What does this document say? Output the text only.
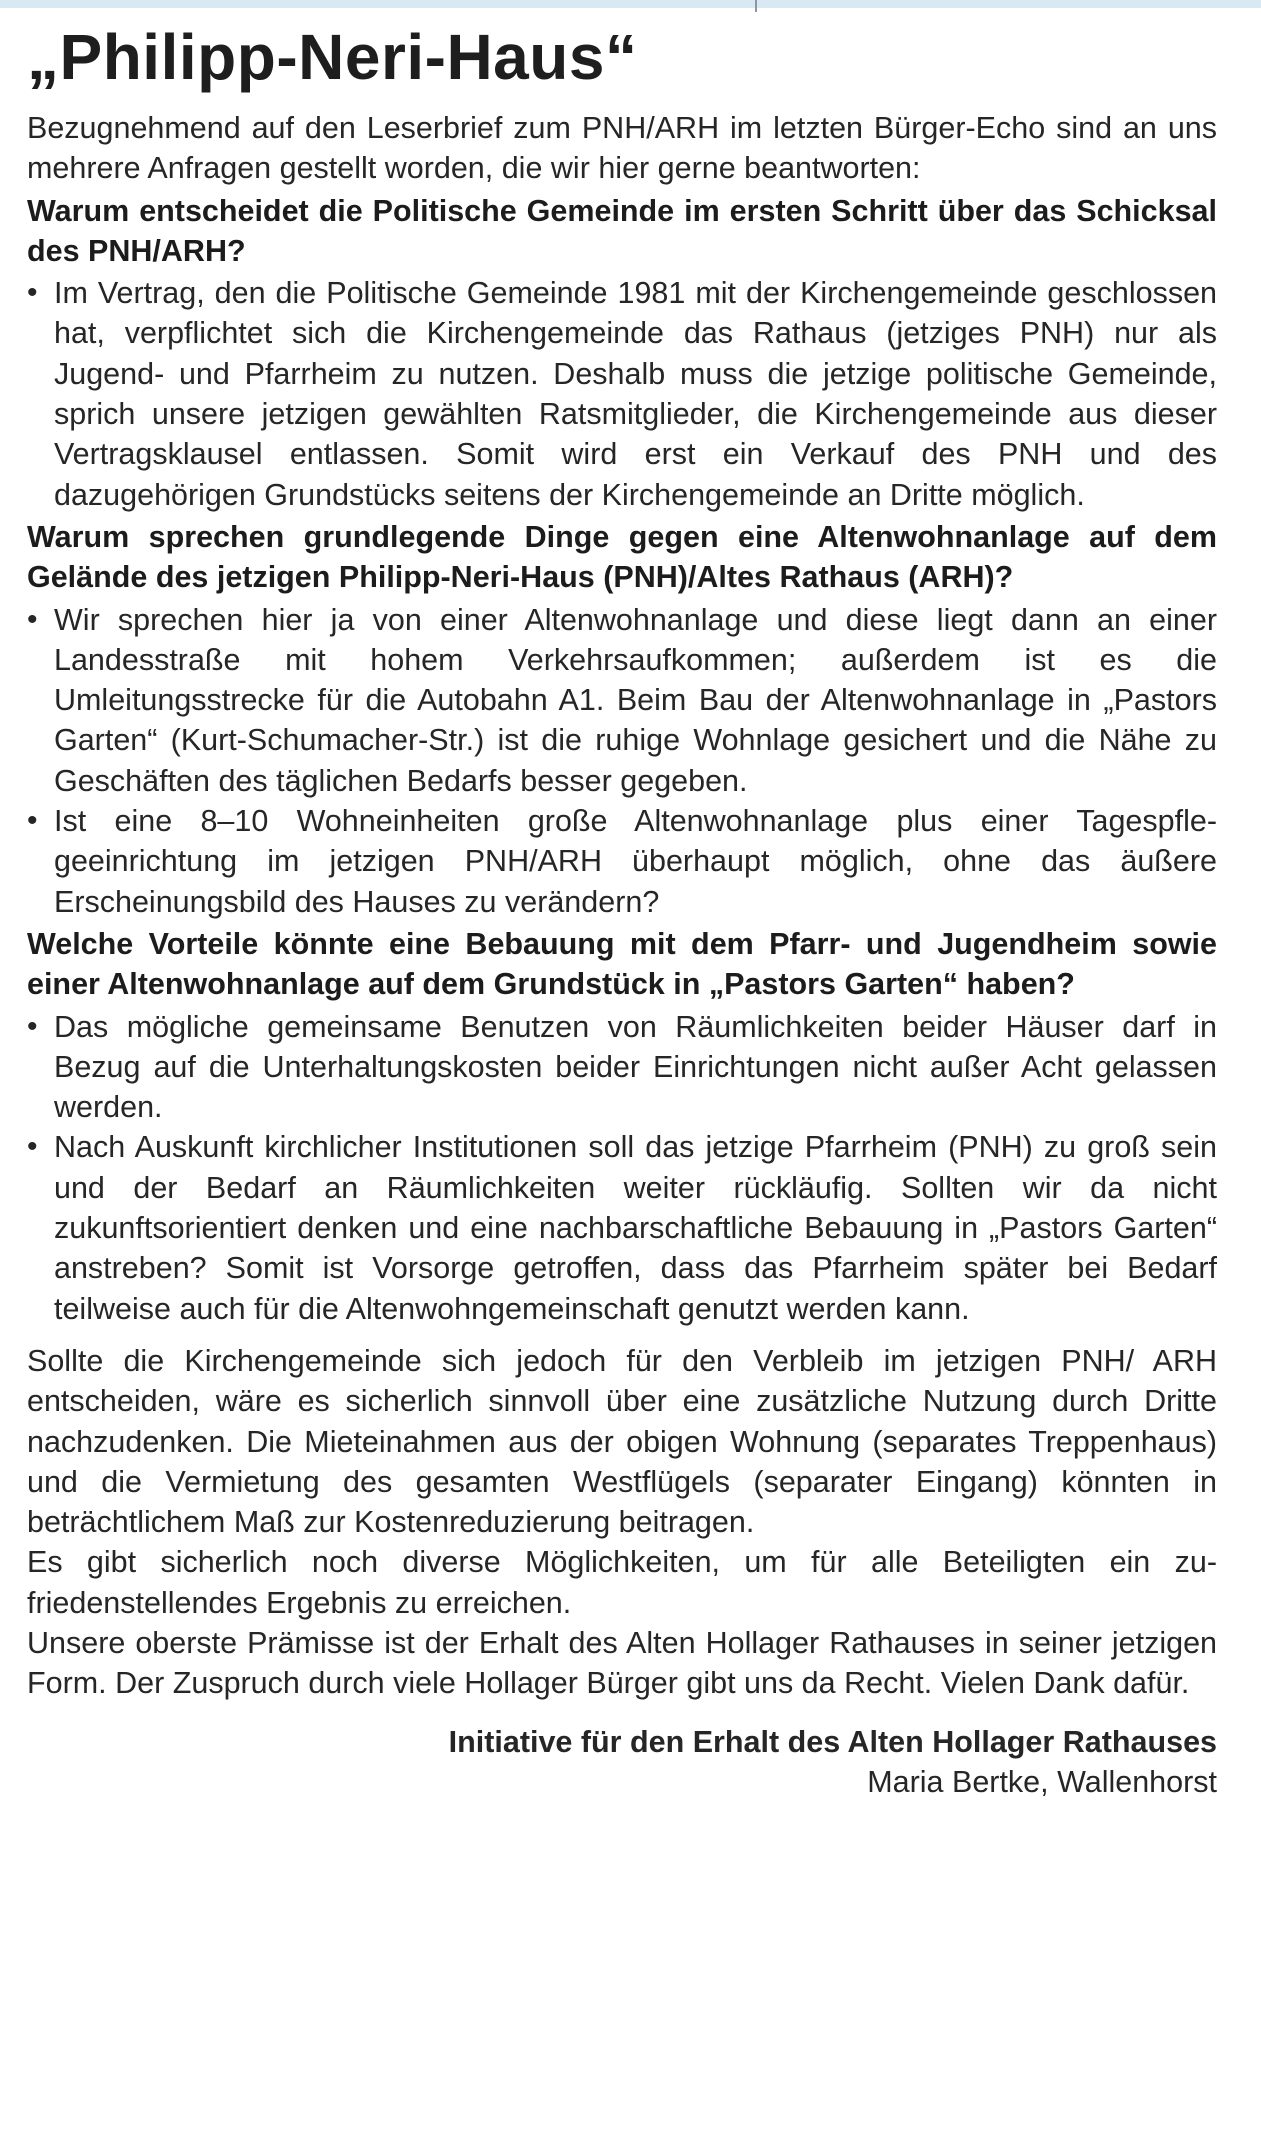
„Philipp-Neri-Haus“

Bezugnehmend auf den Leserbrief zum PNH/ARH im letzten Bürger-Echo sind an uns mehrere Anfragen gestellt worden, die wir hier gerne beantworten:

Warum entscheidet die Politische Gemeinde im ersten Schritt über das Schicksal des PNH/ARH?
• Im Vertrag, den die Politische Gemeinde 1981 mit der Kirchengemeinde geschlossen hat, verpflichtet sich die Kirchengemeinde das Rathaus (jetziges PNH) nur als Jugend- und Pfarrheim zu nutzen. Deshalb muss die jetzige politische Gemeinde, sprich unsere jetzigen gewählten Ratsmitglieder, die Kirchengemeinde aus dieser Vertragsklausel entlassen. Somit wird erst ein Verkauf des PNH und des dazugehörigen Grundstücks seitens der Kirchengemeinde an Dritte möglich.
Warum sprechen grundlegende Dinge gegen eine Altenwohnanlage auf dem Gelände des jetzigen Philipp-Neri-Haus (PNH)/Altes Rathaus (ARH)?
• Wir sprechen hier ja von einer Altenwohnanlage und diese liegt dann an einer Landesstraße mit hohem Verkehrsaufkommen; außerdem ist es die Umleitungsstrecke für die Autobahn A1. Beim Bau der Altenwohnanlage in „Pastors Garten“ (Kurt-Schumacher-Str.) ist die ruhige Wohnlage gesichert und die Nähe zu Geschäften des täglichen Bedarfs besser gegeben.
• Ist eine 8–10 Wohneinheiten große Altenwohnanlage plus einer Tagespflegeeinrichtung im jetzigen PNH/ARH überhaupt möglich, ohne das äußere Erscheinungsbild des Hauses zu verändern?
Welche Vorteile könnte eine Bebauung mit dem Pfarr- und Jugendheim sowie einer Altenwohnanlage auf dem Grundstück in „Pastors Garten“ haben?
• Das mögliche gemeinsame Benutzen von Räumlichkeiten beider Häuser darf in Bezug auf die Unterhaltungskosten beider Einrichtungen nicht außer Acht gelassen werden.
• Nach Auskunft kirchlicher Institutionen soll das jetzige Pfarrheim (PNH) zu groß sein und der Bedarf an Räumlichkeiten weiter rückläufig. Sollten wir da nicht zukunftsorientiert denken und eine nachbarschaftliche Bebauung in „Pastors Garten“ anstreben? Somit ist Vorsorge getroffen, dass das Pfarrheim später bei Bedarf teilweise auch für die Altenwohngemeinschaft genutzt werden kann.

Sollte die Kirchengemeinde sich jedoch für den Verbleib im jetzigen PNH/ ARH entscheiden, wäre es sicherlich sinnvoll über eine zusätzliche Nutzung durch Dritte nachzudenken. Die Mieteinahmen aus der obigen Wohnung (separates Treppenhaus) und die Vermietung des gesamten Westflügels (separater Eingang) könnten in beträchtlichem Maß zur Kostenreduzierung beitragen.

Es gibt sicherlich noch diverse Möglichkeiten, um für alle Beteiligten ein zufriedenstellendes Ergebnis zu erreichen.

Unsere oberste Prämisse ist der Erhalt des Alten Hollager Rathauses in seiner jetzigen Form. Der Zuspruch durch viele Hollager Bürger gibt uns da Recht. Vielen Dank dafür.

Initiative für den Erhalt des Alten Hollager Rathauses
Maria Bertke, Wallenhorst
